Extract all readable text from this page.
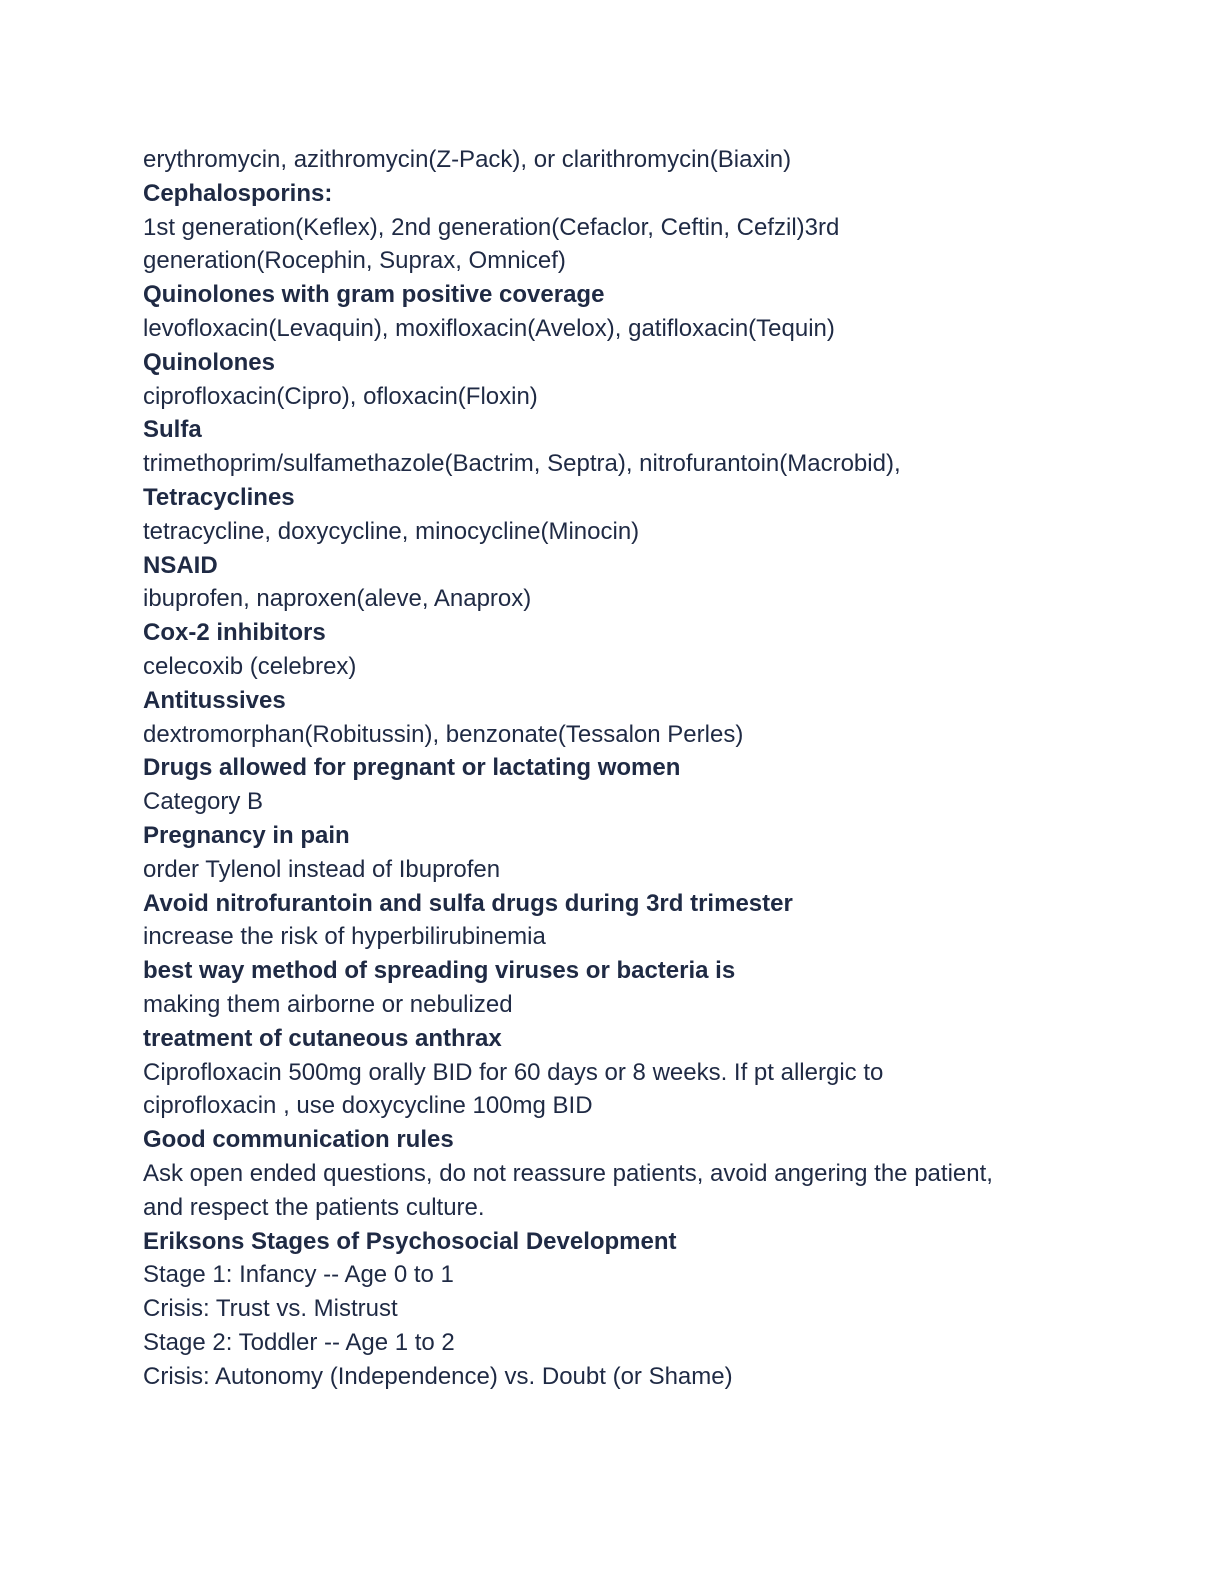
erythromycin, azithromycin(Z-Pack), or clarithromycin(Biaxin)
Cephalosporins:
1st generation(Keflex), 2nd generation(Cefaclor, Ceftin, Cefzil)3rd
generation(Rocephin, Suprax, Omnicef)
Quinolones with gram positive coverage
levofloxacin(Levaquin), moxifloxacin(Avelox), gatifloxacin(Tequin)
Quinolones
ciprofloxacin(Cipro), ofloxacin(Floxin)
Sulfa
trimethoprim/sulfamethazole(Bactrim, Septra), nitrofurantoin(Macrobid),
Tetracyclines
tetracycline, doxycycline, minocycline(Minocin)
NSAID
ibuprofen, naproxen(aleve, Anaprox)
Cox-2 inhibitors
celecoxib (celebrex)
Antitussives
dextromorphan(Robitussin), benzonate(Tessalon Perles)
Drugs allowed for pregnant or lactating women
Category B
Pregnancy in pain
order Tylenol instead of Ibuprofen
Avoid nitrofurantoin and sulfa drugs during 3rd trimester
increase the risk of hyperbilirubinemia
best way method of spreading viruses or bacteria is
making them airborne or nebulized
treatment of cutaneous anthrax
Ciprofloxacin 500mg orally BID for 60 days or 8 weeks. If pt allergic to
ciprofloxacin , use doxycycline 100mg BID
Good communication rules
Ask open ended questions, do not reassure patients, avoid angering the patient,
and respect the patients culture.
Eriksons Stages of Psychosocial Development
Stage 1: Infancy -- Age 0 to 1
Crisis: Trust vs. Mistrust
Stage 2: Toddler -- Age 1 to 2
Crisis: Autonomy (Independence) vs. Doubt (or Shame)
